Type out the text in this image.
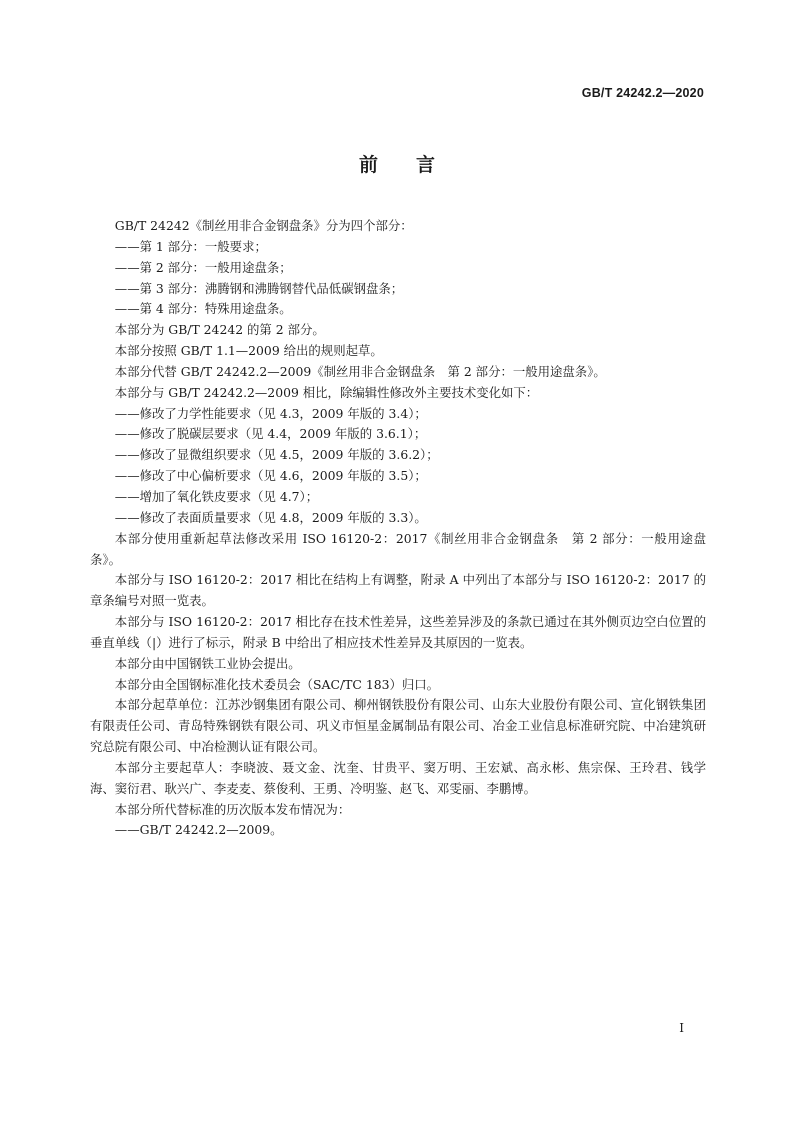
GB/T 24242.2—2020
前 言

GB/T 24242《制丝用非合金钢盘条》分为四个部分：

——第 1 部分：一般要求；

——第 2 部分：一般用途盘条；

——第 3 部分：沸腾钢和沸腾钢替代品低碳钢盘条；

——第 4 部分：特殊用途盘条。

本部分为 GB/T 24242 的第 2 部分。

本部分按照 GB/T 1.1—2009 给出的规则起草。

本部分代替 GB/T 24242.2—2009《制丝用非合金钢盘条　第 2 部分：一般用途盘条》。

本部分与 GB/T 24242.2—2009 相比，除编辑性修改外主要技术变化如下：

——修改了力学性能要求（见 4.3，2009 年版的 3.4）；

——修改了脱碳层要求（见 4.4，2009 年版的 3.6.1）；

——修改了显微组织要求（见 4.5，2009 年版的 3.6.2）；

——修改了中心偏析要求（见 4.6，2009 年版的 3.5）；

——增加了氧化铁皮要求（见 4.7）；

——修改了表面质量要求（见 4.8，2009 年版的 3.3）。

本部分使用重新起草法修改采用 ISO 16120-2：2017《制丝用非合金钢盘条　第 2 部分：一般用途盘条》。

本部分与 ISO 16120-2：2017 相比在结构上有调整，附录 A 中列出了本部分与 ISO 16120-2：2017 的章条编号对照一览表。

本部分与 ISO 16120-2：2017 相比存在技术性差异，这些差异涉及的条款已通过在其外侧页边空白位置的垂直单线（|）进行了标示，附录 B 中给出了相应技术性差异及其原因的一览表。

本部分由中国钢铁工业协会提出。

本部分由全国钢标准化技术委员会（SAC/TC 183）归口。

本部分起草单位：江苏沙钢集团有限公司、柳州钢铁股份有限公司、山东大业股份有限公司、宣化钢铁集团有限责任公司、青岛特殊钢铁有限公司、巩义市恒星金属制品有限公司、冶金工业信息标准研究院、中冶建筑研究总院有限公司、中冶检测认证有限公司。

本部分主要起草人：李晓波、聂文金、沈奎、甘贵平、窦万明、王宏斌、高永彬、焦宗保、王玲君、钱学海、窦衍君、耿兴广、李麦麦、蔡俊利、王勇、冷明鉴、赵飞、邓雯丽、李鹏博。

本部分所代替标准的历次版本发布情况为：

——GB/T 24242.2—2009。

I
